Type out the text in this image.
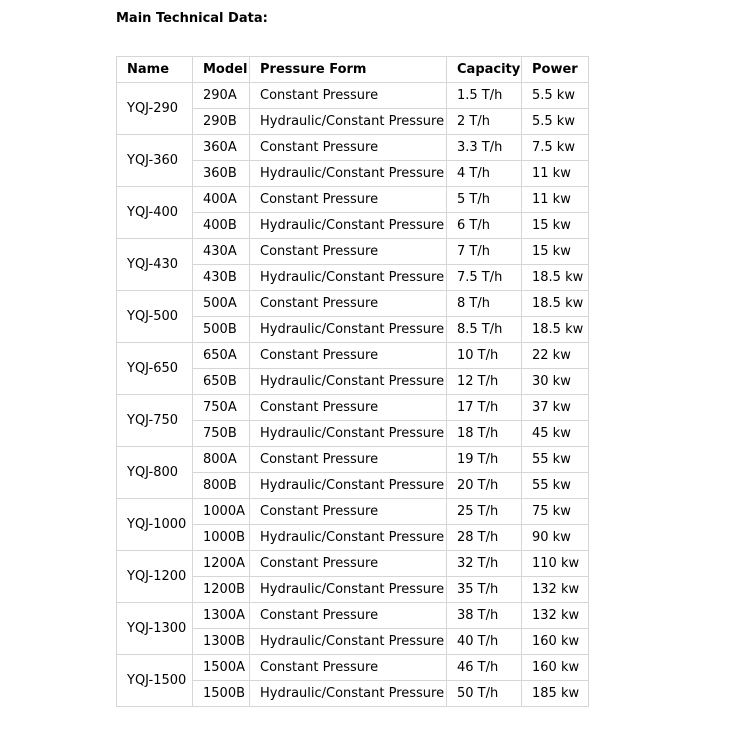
Main Technical Data:
Name	Model	Pressure Form	Capacity	Power
YQJ-290	290A	Constant Pressure	1.5 T/h	5.5 kw
	290B	Hydraulic/Constant Pressure	2 T/h	5.5 kw
YQJ-360	360A	Constant Pressure	3.3 T/h	7.5 kw
	360B	Hydraulic/Constant Pressure	4 T/h	11 kw
YQJ-400	400A	Constant Pressure	5 T/h	11 kw
	400B	Hydraulic/Constant Pressure	6 T/h	15 kw
YQJ-430	430A	Constant Pressure	7 T/h	15 kw
	430B	Hydraulic/Constant Pressure	7.5 T/h	18.5 kw
YQJ-500	500A	Constant Pressure	8 T/h	18.5 kw
	500B	Hydraulic/Constant Pressure	8.5 T/h	18.5 kw
YQJ-650	650A	Constant Pressure	10 T/h	22 kw
	650B	Hydraulic/Constant Pressure	12 T/h	30 kw
YQJ-750	750A	Constant Pressure	17 T/h	37 kw
	750B	Hydraulic/Constant Pressure	18 T/h	45 kw
YQJ-800	800A	Constant Pressure	19 T/h	55 kw
	800B	Hydraulic/Constant Pressure	20 T/h	55 kw
YQJ-1000	1000A	Constant Pressure	25 T/h	75 kw
	1000B	Hydraulic/Constant Pressure	28 T/h	90 kw
YQJ-1200	1200A	Constant Pressure	32 T/h	110 kw
	1200B	Hydraulic/Constant Pressure	35 T/h	132 kw
YQJ-1300	1300A	Constant Pressure	38 T/h	132 kw
	1300B	Hydraulic/Constant Pressure	40 T/h	160 kw
YQJ-1500	1500A	Constant Pressure	46 T/h	160 kw
	1500B	Hydraulic/Constant Pressure	50 T/h	185 kw
